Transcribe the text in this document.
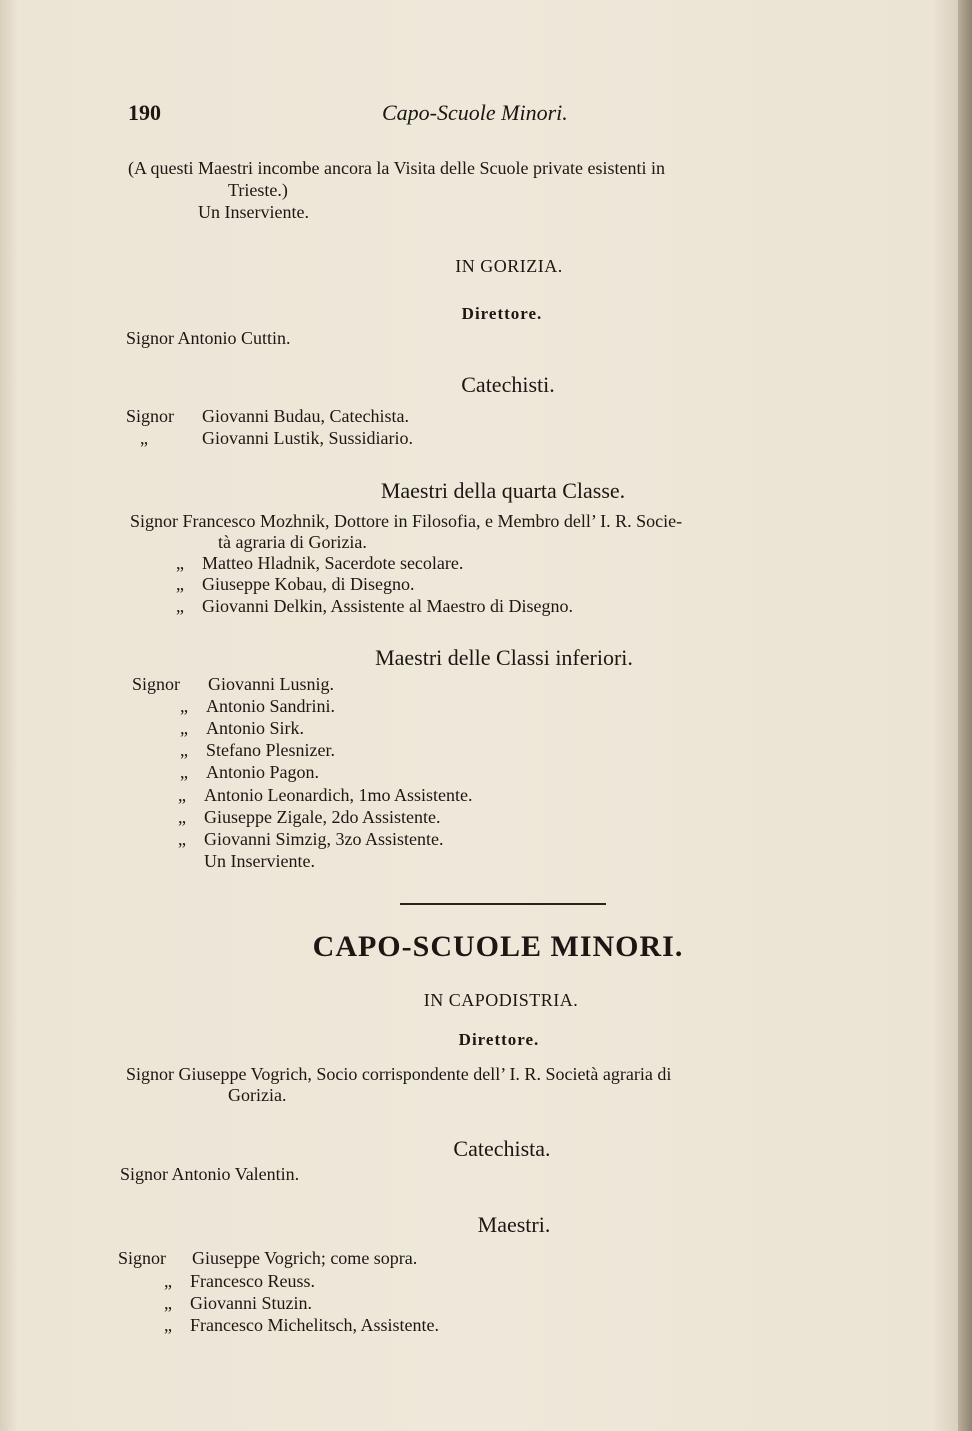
190	Capo-Scuole Minori.
(A questi Maestri incombe ancora la Visita delle Scuole private esistenti in
Trieste.)
Un Inserviente.
IN GORIZIA.
Direttore.
Signor Antonio Cuttin.
Catechisti.
Signor Giovanni Budau, Catechista.
„	Giovanni Lustik, Sussidiario.
Maestri della quarta Classe.
Signor Francesco Mozhnik, Dottore in Filosofia, e Membro dell’ I. R. Socie-
tà agraria di Gorizia.
„ Matteo Hladnik, Sacerdote secolare.
„ Giuseppe Kobau, di Disegno.
„ Giovanni Delkin, Assistente al Maestro di Disegno.
Maestri delle Classi inferiori.
Signor Giovanni Lusnig.
„ Antonio Sandrini.
„ Antonio Sirk.
„ Stefano Plesnizer.
„ Antonio Pagon.
„ Antonio Leonardich, 1mo Assistente.
„ Giuseppe Zigale, 2do Assistente.
„ Giovanni Simzig, 3zo Assistente.
Un Inserviente.
CAPO-SCUOLE MINORI.
IN CAPODISTRIA.
Direttore.
Signor Giuseppe Vogrich, Socio corrispondente dell’ I. R. Società agraria di
Gorizia.
Catechista.
Signor Antonio Valentin.
Maestri.
Signor Giuseppe Vogrich; come sopra.
„ Francesco Reuss.
„ Giovanni Stuzin.
„ Francesco Michelitsch, Assistente.
